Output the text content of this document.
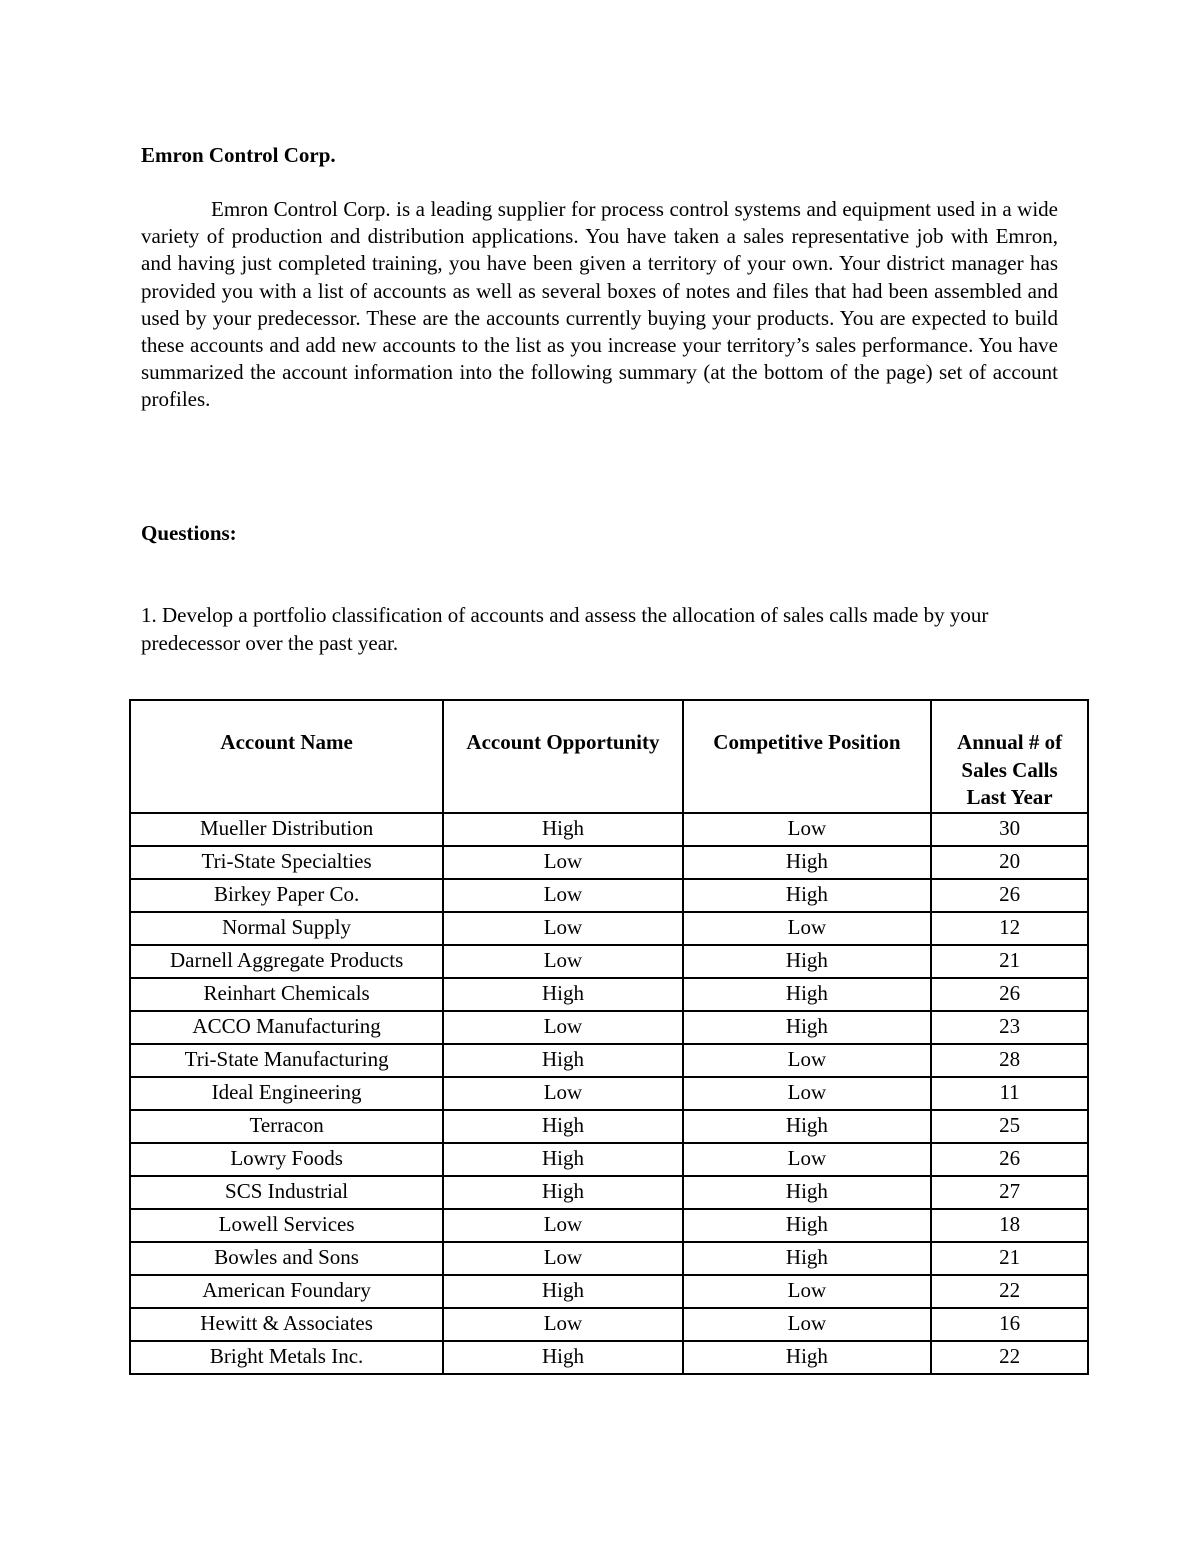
Emron Control Corp.

Emron Control Corp. is a leading supplier for process control systems and equipment used in a wide variety of production and distribution applications. You have taken a sales representative job with Emron, and having just completed training, you have been given a territory of your own. Your district manager has provided you with a list of accounts as well as several boxes of notes and files that had been assembled and used by your predecessor. These are the accounts currently buying your products. You are expected to build these accounts and add new accounts to the list as you increase your territory’s sales performance. You have summarized the account information into the following summary (at the bottom of the page) set of account profiles.

Questions:

1. Develop a portfolio classification of accounts and assess the allocation of sales calls made by your predecessor over the past year.

Account Name	Account Opportunity	Competitive Position	Annual # of Sales Calls Last Year
Mueller Distribution	High	Low	30
Tri-State Specialties	Low	High	20
Birkey Paper Co.	Low	High	26
Normal Supply	Low	Low	12
Darnell Aggregate Products	Low	High	21
Reinhart Chemicals	High	High	26
ACCO Manufacturing	Low	High	23
Tri-State Manufacturing	High	Low	28
Ideal Engineering	Low	Low	11
Terracon	High	High	25
Lowry Foods	High	Low	26
SCS Industrial	High	High	27
Lowell Services	Low	High	18
Bowles and Sons	Low	High	21
American Foundary	High	Low	22
Hewitt & Associates	Low	Low	16
Bright Metals Inc.	High	High	22
